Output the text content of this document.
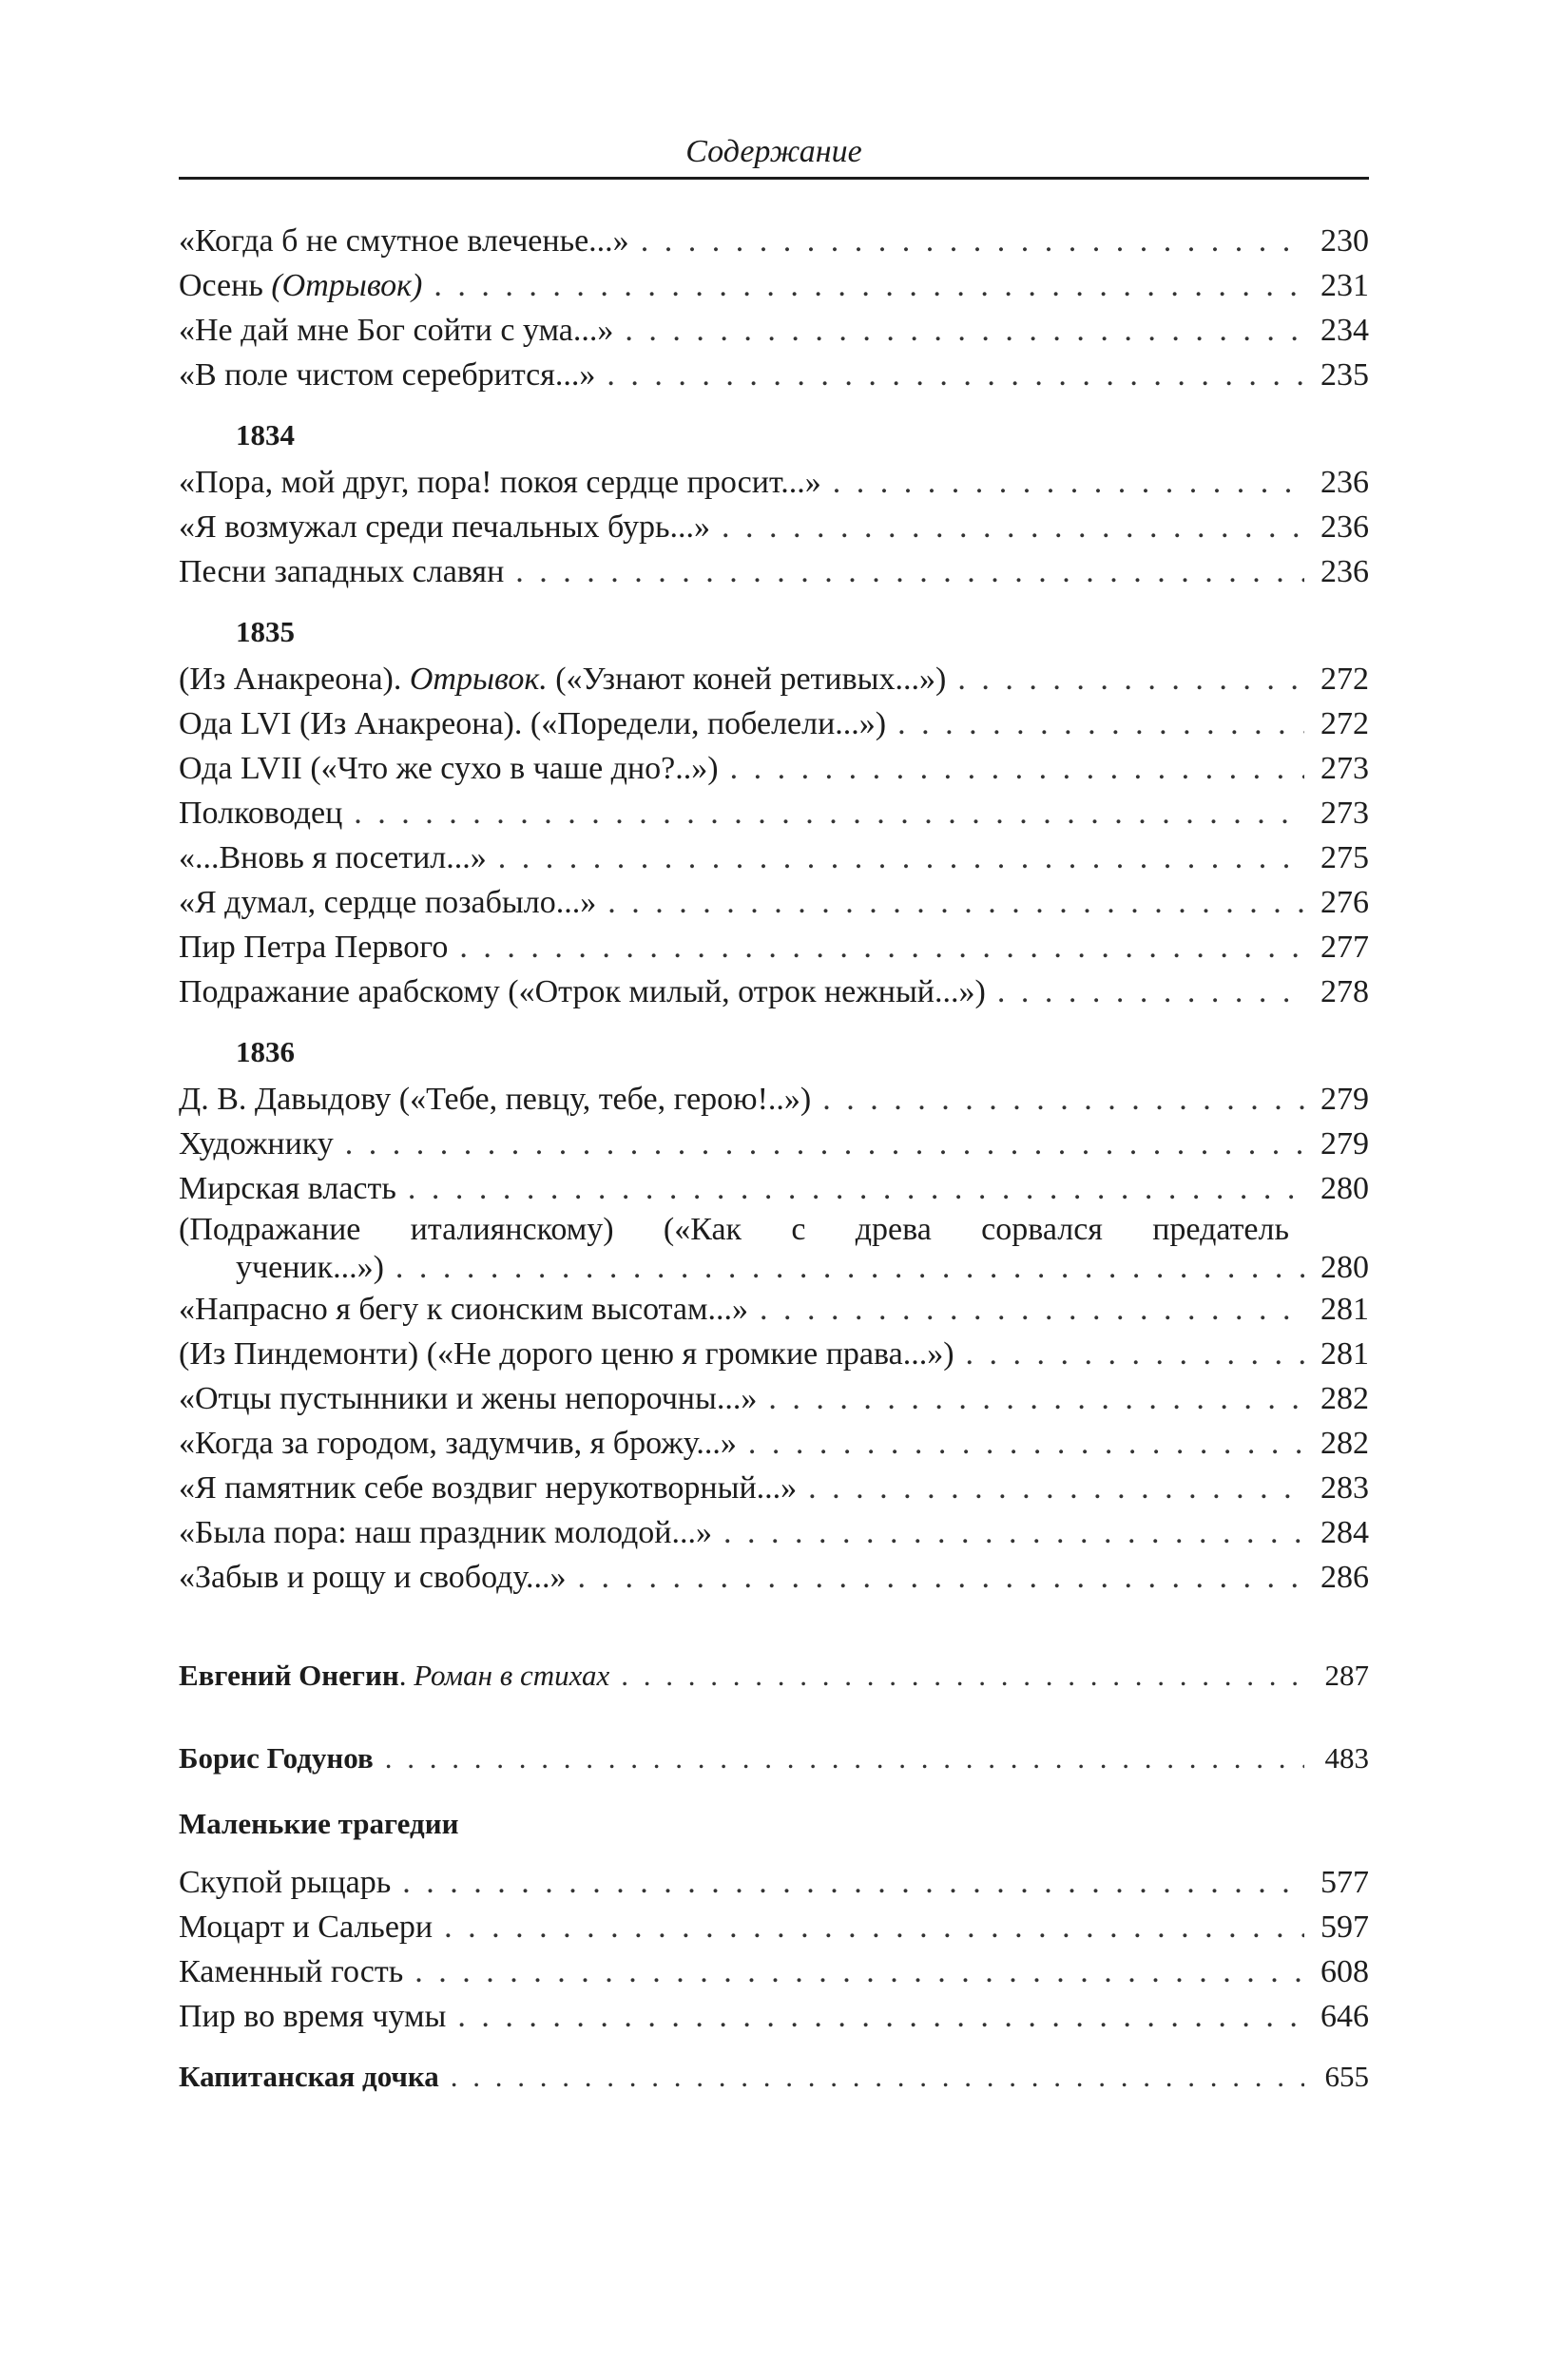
Содержание
«Когда б не смутное влеченье...» . . .	230
Осень (Отрывок) . . .	231
«Не дай мне Бог сойти с ума...» . . .	234
«В поле чистом серебрится...» . . .	235
1834
«Пора, мой друг, пора! покоя сердце просит...» . . .	236
«Я возмужал среди печальных бурь...» . . .	236
Песни западных славян . . .	236
1835
(Из Анакреона). Отрывок. («Узнают коней ретивых...») . . .	272
Ода LVI (Из Анакреона). («Поредели, побелели...») . . .	272
Ода LVII («Что же сухо в чаше дно?..») . . .	273
Полководец . . .	273
«...Вновь я посетил...» . . .	275
«Я думал, сердце позабыло...» . . .	276
Пир Петра Первого . . .	277
Подражание арабскому («Отрок милый, отрок нежный...») . . .	278
1836
Д. В. Давыдову («Тебе, певцу, тебе, герою!..») . . .	279
Художнику . . .	279
Мирская власть . . .	280
(Подражание италиянскому) («Как с древа сорвался предатель
ученик...») . . .	280
«Напрасно я бегу к сионским высотам...» . . .	281
(Из Пиндемонти) («Не дорого ценю я громкие права...») . . .	281
«Отцы пустынники и жены непорочны...» . . .	282
«Когда за городом, задумчив, я брожу...» . . .	282
«Я памятник себе воздвиг нерукотворный...» . . .	283
«Была пора: наш праздник молодой...» . . .	284
«Забыв и рощу и свободу...» . . .	286
Евгений Онегин. Роман в стихах . . .	287
Борис Годунов . . .	483
Маленькие трагедии
Скупой рыцарь . . .	577
Моцарт и Сальери . . .	597
Каменный гость . . .	608
Пир во время чумы . . .	646
Капитанская дочка . . .	655
